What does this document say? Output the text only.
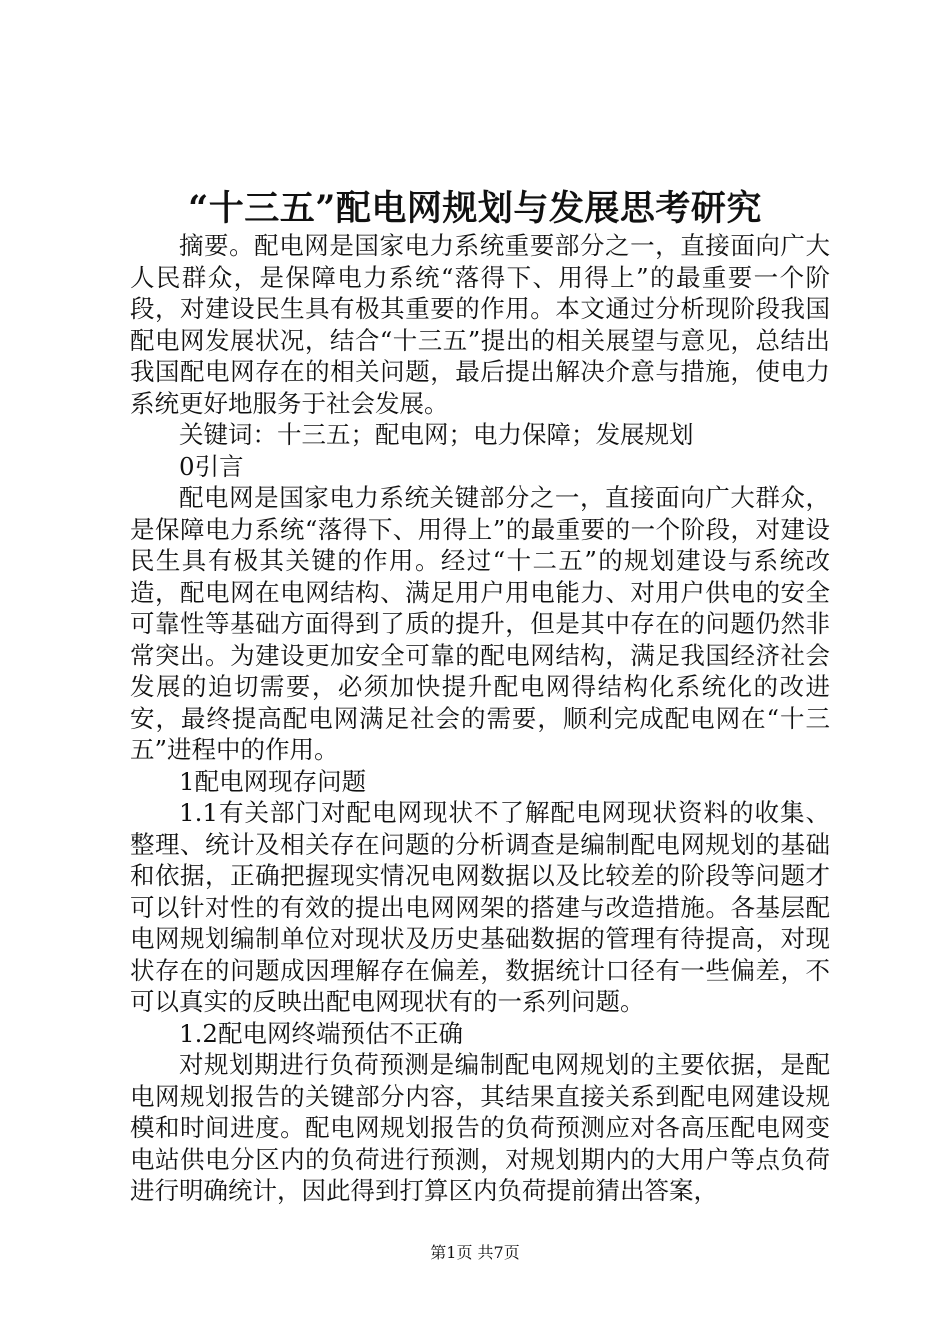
“十三五”配电网规划与发展思考研究

摘要。配电网是国家电力系统重要部分之一，直接面向广大人民群众，是保障电力系统“落得下、用得上”的最重要一个阶段，对建设民生具有极其重要的作用。本文通过分析现阶段我国配电网发展状况，结合“十三五”提出的相关展望与意见，总结出我国配电网存在的相关问题，最后提出解决介意与措施，使电力系统更好地服务于社会发展。

关键词：十三五；配电网；电力保障；发展规划

0引言

配电网是国家电力系统关键部分之一，直接面向广大群众，是保障电力系统“落得下、用得上”的最重要的一个阶段，对建设民生具有极其关键的作用。经过“十二五”的规划建设与系统改造，配电网在电网结构、满足用户用电能力、对用户供电的安全可靠性等基础方面得到了质的提升，但是其中存在的问题仍然非常突出。为建设更加安全可靠的配电网结构，满足我国经济社会发展的迫切需要，必须加快提升配电网得结构化系统化的改进安，最终提高配电网满足社会的需要，顺利完成配电网在“十三五”进程中的作用。

1配电网现存问题

1.1有关部门对配电网现状不了解配电网现状资料的收集、整理、统计及相关存在问题的分析调查是编制配电网规划的基础和依据，正确把握现实情况电网数据以及比较差的阶段等问题才可以针对性的有效的提出电网网架的搭建与改造措施。各基层配电网规划编制单位对现状及历史基础数据的管理有待提高，对现状存在的问题成因理解存在偏差，数据统计口径有一些偏差，不可以真实的反映出配电网现状有的一系列问题。

1.2配电网终端预估不正确

对规划期进行负荷预测是编制配电网规划的主要依据，是配电网规划报告的关键部分内容，其结果直接关系到配电网建设规模和时间进度。配电网规划报告的负荷预测应对各高压配电网变电站供电分区内的负荷进行预测，对规划期内的大用户等点负荷进行明确统计，因此得到打算区内负荷提前猜出答案，

第1页 共7页
